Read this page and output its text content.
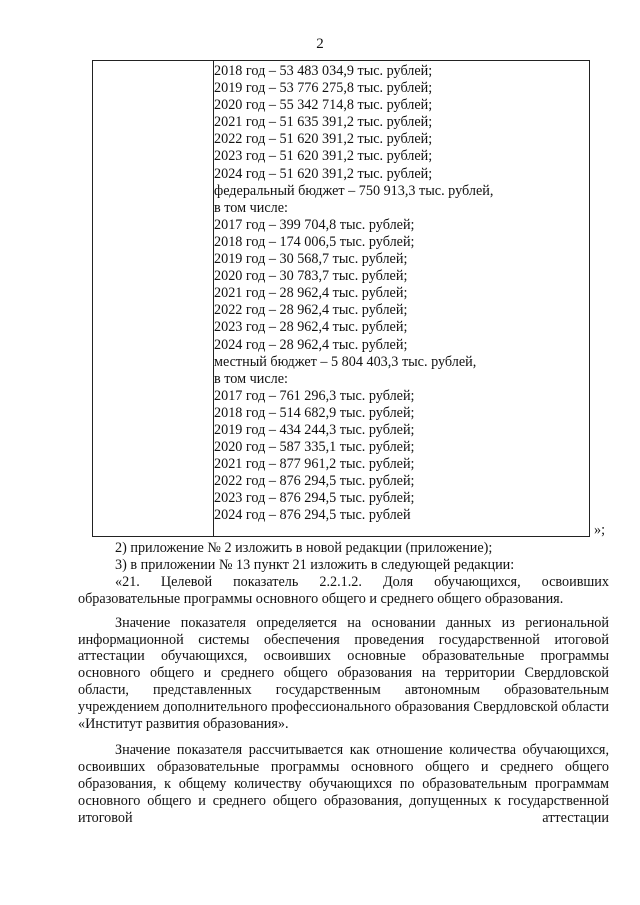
2
2018 год – 53 483 034,9 тыс. рублей;
2019 год – 53 776 275,8 тыс. рублей;
2020 год – 55 342 714,8 тыс. рублей;
2021 год – 51 635 391,2 тыс. рублей;
2022 год – 51 620 391,2 тыс. рублей;
2023 год – 51 620 391,2 тыс. рублей;
2024 год – 51 620 391,2 тыс. рублей;
федеральный бюджет – 750 913,3 тыс. рублей,
в том числе:
2017 год – 399 704,8 тыс. рублей;
2018 год – 174 006,5 тыс. рублей;
2019 год – 30 568,7 тыс. рублей;
2020 год – 30 783,7 тыс. рублей;
2021 год – 28 962,4 тыс. рублей;
2022 год – 28 962,4 тыс. рублей;
2023 год – 28 962,4 тыс. рублей;
2024 год – 28 962,4 тыс. рублей;
местный бюджет – 5 804 403,3 тыс. рублей,
в том числе:
2017 год – 761 296,3 тыс. рублей;
2018 год – 514 682,9 тыс. рублей;
2019 год – 434 244,3 тыс. рублей;
2020 год – 587 335,1 тыс. рублей;
2021 год – 877 961,2 тыс. рублей;
2022 год – 876 294,5 тыс. рублей;
2023 год – 876 294,5 тыс. рублей;
2024 год – 876 294,5 тыс. рублей
»;

2) приложение № 2 изложить в новой редакции (приложение);

3) в приложении № 13 пункт 21 изложить в следующей редакции:

«21. Целевой показатель 2.2.1.2. Доля обучающихся, освоивших образовательные программы основного общего и среднего общего образования.

Значение показателя определяется на основании данных из региональной информационной системы обеспечения проведения государственной итоговой аттестации обучающихся, освоивших основные образовательные программы основного общего и среднего общего образования на территории Свердловской области, представленных государственным автономным образовательным учреждением дополнительного профессионального образования Свердловской области «Институт развития образования».

Значение показателя рассчитывается как отношение количества обучающихся, освоивших образовательные программы основного общего и среднего общего образования, к общему количеству обучающихся по образовательным программам основного общего и среднего общего образования, допущенных к государственной итоговой аттестации
